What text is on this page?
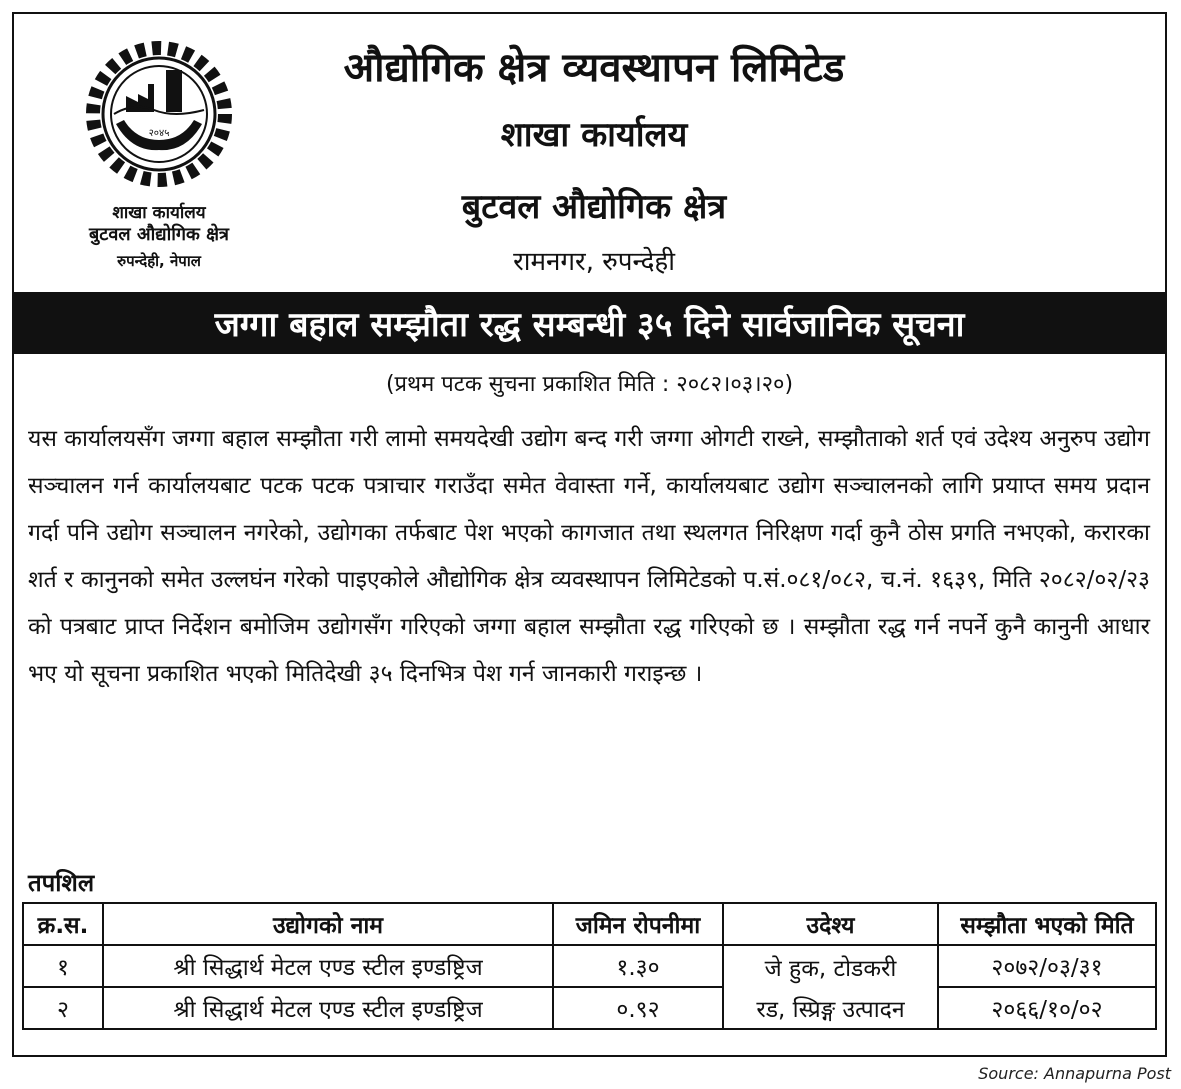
२०४५
शाखा कार्यालय
बुटवल औद्योगिक क्षेत्र
रुपन्देही, नेपाल
औद्योगिक क्षेत्र व्यवस्थापन लिमिटेड
शाखा कार्यालय
बुटवल औद्योगिक क्षेत्र
रामनगर, रुपन्देही
जग्गा बहाल सम्झौता रद्ध सम्बन्धी ३५ दिने सार्वजानिक सूचना
(प्रथम पटक सुचना प्रकाशित मिति : २०८२।०३।२०)

यस कार्यालयसँग जग्गा बहाल सम्झौता गरी लामो समयदेखी उद्योग बन्द गरी जग्गा ओगटी राख्ने, सम्झौताको शर्त एवं उदेश्य अनुरुप उद्योग सञ्चालन गर्न कार्यालयबाट पटक पटक पत्राचार गराउँदा समेत वेवास्ता गर्ने, कार्यालयबाट उद्योग सञ्चालनको लागि प्रयाप्त समय प्रदान गर्दा पनि उद्योग सञ्चालन नगरेको, उद्योगका तर्फबाट पेश भएको कागजात तथा स्थलगत निरिक्षण गर्दा कुनै ठोस प्रगति नभएको, करारका शर्त र कानुनको समेत उल्लघंन गरेको पाइएकोले औद्योगिक क्षेत्र व्यवस्थापन लिमिटेडको प.सं.०८१/०८२, च.नं. १६३९, मिति २०८२/०२/२३ को पत्रबाट प्राप्त निर्देशन बमोजिम उद्योगसँग गरिएको जग्गा बहाल सम्झौता रद्ध गरिएको छ । सम्झौता रद्ध गर्न नपर्ने कुनै कानुनी आधार भए यो सूचना प्रकाशित भएको मितिदेखी ३५ दिनभित्र पेश गर्न जानकारी गराइन्छ ।

तपशिल
क्र.स.	उद्योगको नाम	जमिन रोपनीमा	उदेश्य	सम्झौता भएको मिति
१	श्री सिद्धार्थ मेटल एण्ड स्टील इण्डष्ट्रिज	१.३०	जे हुक, टोडकरी	२०७२/०३/३१
२	श्री सिद्धार्थ मेटल एण्ड स्टील इण्डष्ट्रिज	०.९२	रड, स्प्रिङ्ग उत्पादन	२०६६/१०/०२
Source: Annapurna Post
